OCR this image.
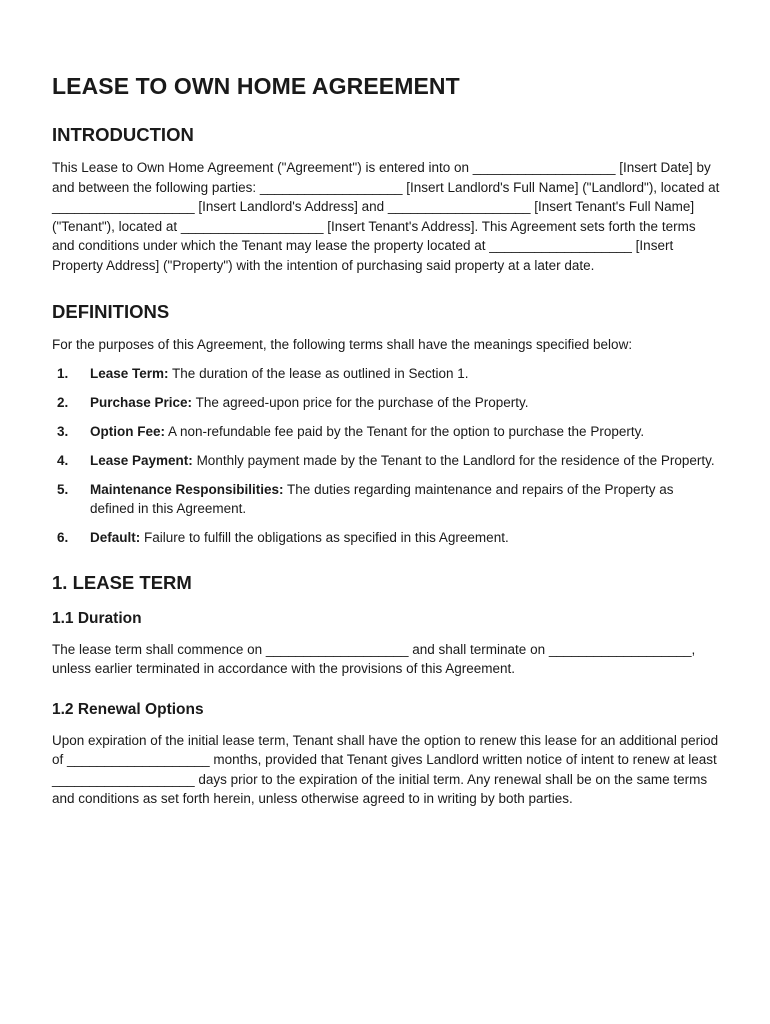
LEASE TO OWN HOME AGREEMENT
INTRODUCTION

This Lease to Own Home Agreement ("Agreement") is entered into on ___________________ [Insert Date] by and between the following parties: ___________________ [Insert Landlord's Full Name] ("Landlord"), located at ___________________ [Insert Landlord's Address] and ___________________ [Insert Tenant's Full Name] ("Tenant"), located at ___________________ [Insert Tenant's Address]. This Agreement sets forth the terms and conditions under which the Tenant may lease the property located at ___________________ [Insert Property Address] ("Property") with the intention of purchasing said property at a later date.

DEFINITIONS

For the purposes of this Agreement, the following terms shall have the meanings specified below:

1. Lease Term: The duration of the lease as outlined in Section 1.
2. Purchase Price: The agreed-upon price for the purchase of the Property.
3. Option Fee: A non-refundable fee paid by the Tenant for the option to purchase the Property.
4. Lease Payment: Monthly payment made by the Tenant to the Landlord for the residence of the Property.
5. Maintenance Responsibilities: The duties regarding maintenance and repairs of the Property as defined in this Agreement.
6. Default: Failure to fulfill the obligations as specified in this Agreement.
1. LEASE TERM
1.1 Duration

The lease term shall commence on ___________________ and shall terminate on ___________________, unless earlier terminated in accordance with the provisions of this Agreement.

1.2 Renewal Options

Upon expiration of the initial lease term, Tenant shall have the option to renew this lease for an additional period of ___________________ months, provided that Tenant gives Landlord written notice of intent to renew at least ___________________ days prior to the expiration of the initial term. Any renewal shall be on the same terms and conditions as set forth herein, unless otherwise agreed to in writing by both parties.
